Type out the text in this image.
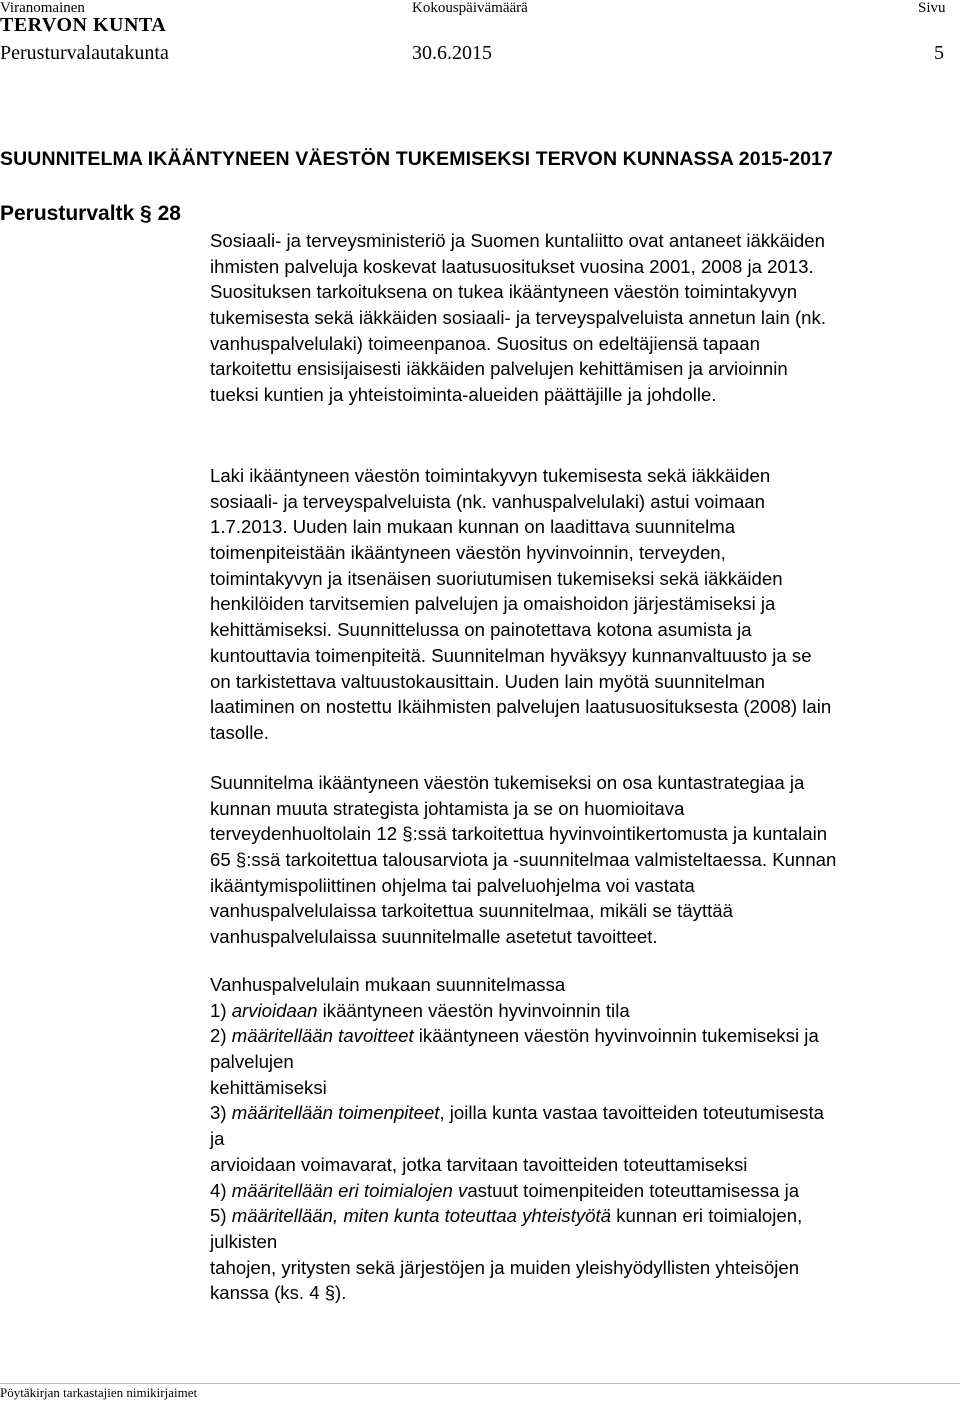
Viranomainen	Kokouspäivämäärä	Sivu
TERVON KUNTA
Perusturvalautakunta	30.6.2015	5
SUUNNITELMA IKÄÄNTYNEEN VÄESTÖN TUKEMISEKSI TERVON KUNNASSA 2015-2017
Perusturvaltk § 28
Sosiaali- ja terveysministeriö ja Suomen kuntaliitto ovat antaneet iäkkäiden
ihmisten palveluja koskevat laatusuositukset vuosina 2001, 2008 ja 2013.
Suosituksen tarkoituksena on tukea ikääntyneen väestön toimintakyvyn
tukemisesta sekä iäkkäiden sosiaali- ja terveyspalveluista annetun lain (nk.
vanhuspalvelulaki) toimeenpanoa. Suositus on edeltäjiensä tapaan
tarkoitettu ensisijaisesti iäkkäiden palvelujen kehittämisen ja arvioinnin
tueksi kuntien ja yhteistoiminta-alueiden päättäjille ja johdolle.
Laki ikääntyneen väestön toimintakyvyn tukemisesta sekä iäkkäiden
sosiaali- ja terveyspalveluista (nk. vanhuspalvelulaki) astui voimaan
1.7.2013. Uuden lain mukaan kunnan on laadittava suunnitelma
toimenpiteistään ikääntyneen väestön hyvinvoinnin, terveyden,
toimintakyvyn ja itsenäisen suoriutumisen tukemiseksi sekä iäkkäiden
henkilöiden tarvitsemien palvelujen ja omaishoidon järjestämiseksi ja
kehittämiseksi. Suunnittelussa on painotettava kotona asumista ja
kuntouttavia toimenpiteitä. Suunnitelman hyväksyy kunnanvaltuusto ja se
on tarkistettava valtuustokausittain. Uuden lain myötä suunnitelman
laatiminen on nostettu Ikäihmisten palvelujen laatusuosituksesta (2008) lain
tasolle.
Suunnitelma ikääntyneen väestön tukemiseksi on osa kuntastrategiaa ja
kunnan muuta strategista johtamista ja se on huomioitava
terveydenhuoltolain 12 §:ssä tarkoitettua hyvinvointikertomusta ja kuntalain
65 §:ssä tarkoitettua talousarviota ja -suunnitelmaa valmisteltaessa. Kunnan
ikääntymispoliittinen ohjelma tai palveluohjelma voi vastata
vanhuspalvelulaissa tarkoitettua suunnitelmaa, mikäli se täyttää
vanhuspalvelulaissa suunnitelmalle asetetut tavoitteet.
Vanhuspalvelulain mukaan suunnitelmassa
1) arvioidaan ikääntyneen väestön hyvinvoinnin tila
2) määritellään tavoitteet ikääntyneen väestön hyvinvoinnin tukemiseksi ja
palvelujen
kehittämiseksi
3) määritellään toimenpiteet, joilla kunta vastaa tavoitteiden toteutumisesta
ja
arvioidaan voimavarat, jotka tarvitaan tavoitteiden toteuttamiseksi
4) määritellään eri toimialojen vastuut toimenpiteiden toteuttamisessa ja
5) määritellään, miten kunta toteuttaa yhteistyötä kunnan eri toimialojen,
julkisten
tahojen, yritysten sekä järjestöjen ja muiden yleishyödyllisten yhteisöjen
kanssa (ks. 4 §).
Pöytäkirjan tarkastajien nimikirjaimet
